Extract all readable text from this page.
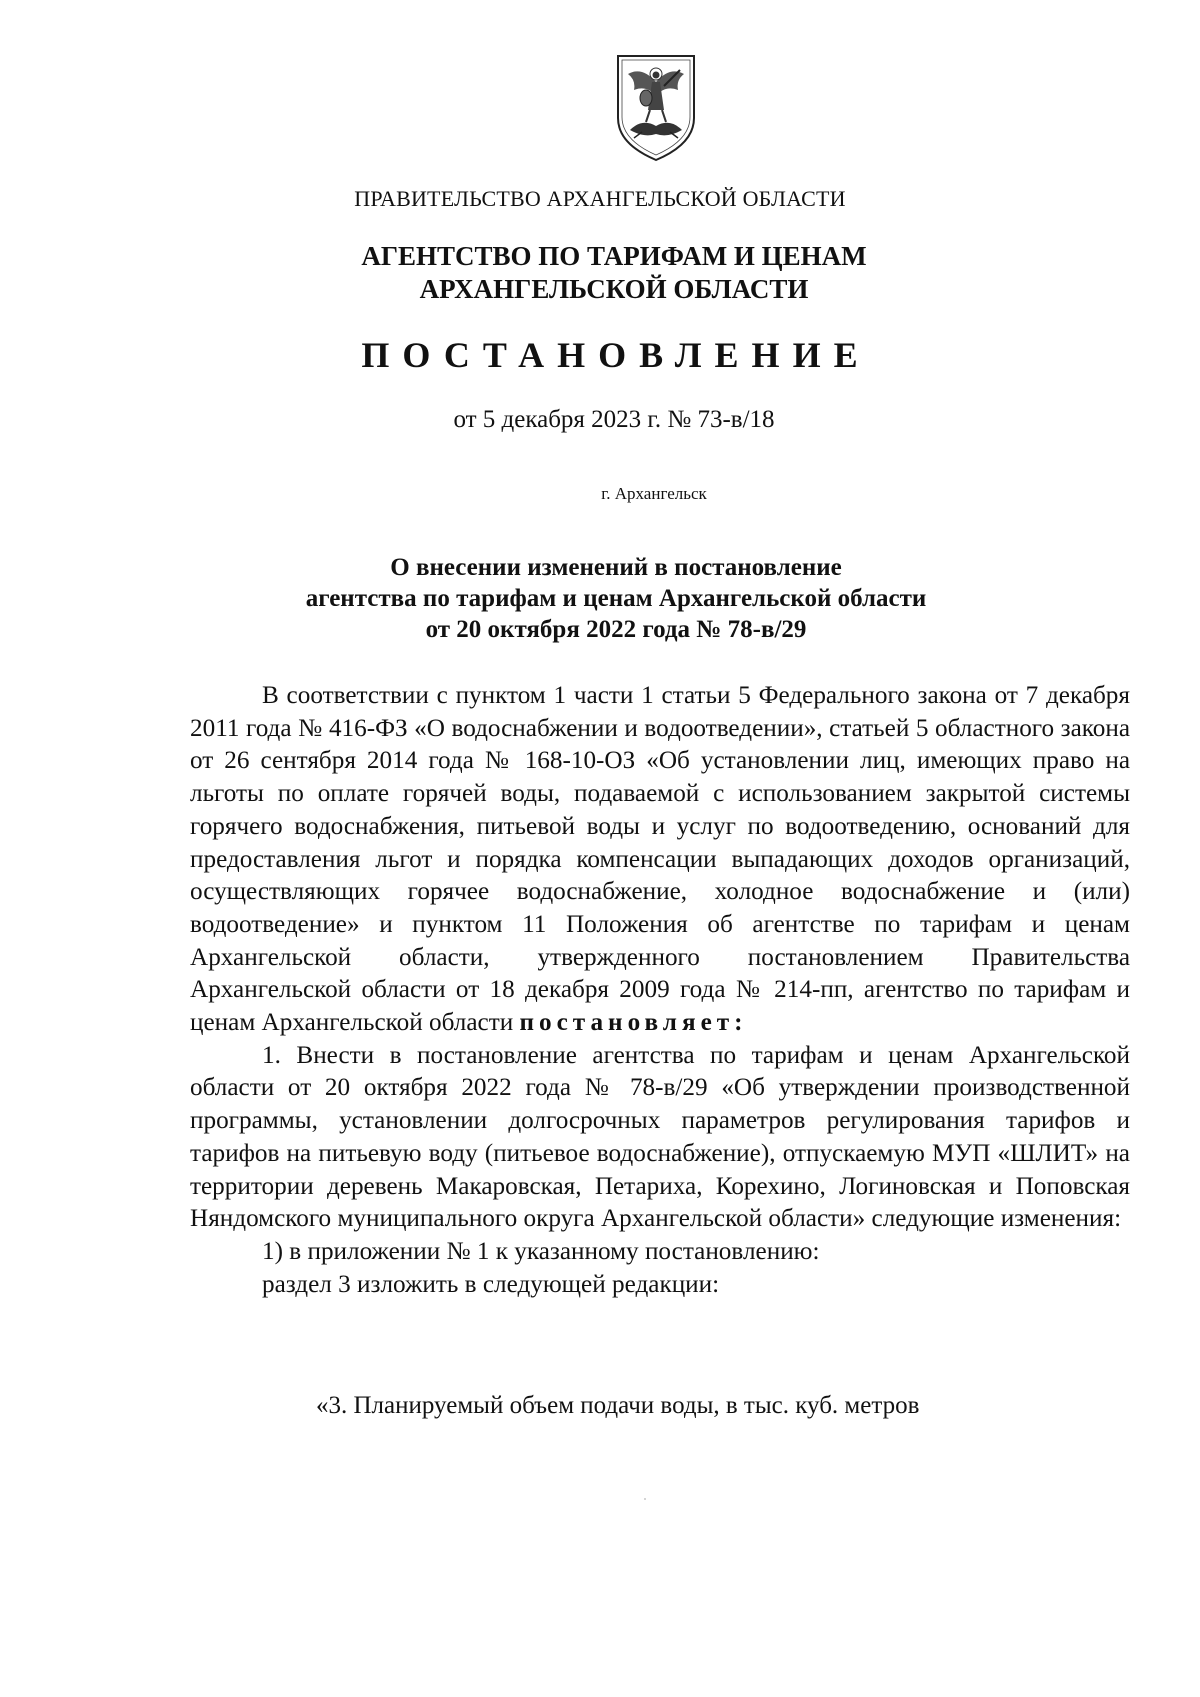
ПРАВИТЕЛЬСТВО АРХАНГЕЛЬСКОЙ ОБЛАСТИ

АГЕНТСТВО ПО ТАРИФАМ И ЦЕНАМ
АРХАНГЕЛЬСКОЙ ОБЛАСТИ

ПОСТАНОВЛЕНИЕ

от 5 декабря 2023 г. № 73-в/18

г. Архангельск

О внесении изменений в постановление
агентства по тарифам и ценам Архангельской области
от 20 октября 2022 года № 78-в/29

В соответствии с пунктом 1 части 1 статьи 5 Федерального закона от 7 декабря 2011 года № 416-ФЗ «О водоснабжении и водоотведении», статьей 5 областного закона от 26 сентября 2014 года № 168-10-ОЗ «Об установлении лиц, имеющих право на льготы по оплате горячей воды, подаваемой с использованием закрытой системы горячего водоснабжения, питьевой воды и услуг по водоотведению, оснований для предоставления льгот и порядка компенсации выпадающих доходов организаций, осуществляющих горячее водоснабжение, холодное водоснабжение и (или) водоотведение» и пунктом 11 Положения об агентстве по тарифам и ценам Архангельской области, утвержденного постановлением Правительства Архангельской области от 18 декабря 2009 года № 214-пп, агентство по тарифам и ценам Архангельской области постановляет:

1. Внести в постановление агентства по тарифам и ценам Архангельской области от 20 октября 2022 года № 78-в/29 «Об утверждении производственной программы, установлении долгосрочных параметров регулирования тарифов и тарифов на питьевую воду (питьевое водоснабжение), отпускаемую МУП «ШЛИТ» на территории деревень Макаровская, Петариха, Корехино, Логиновская и Поповская Няндомского муниципального округа Архангельской области» следующие изменения:

1) в приложении № 1 к указанному постановлению:

раздел 3 изложить в следующей редакции:

«3. Планируемый объем подачи воды, в тыс. куб. метров
